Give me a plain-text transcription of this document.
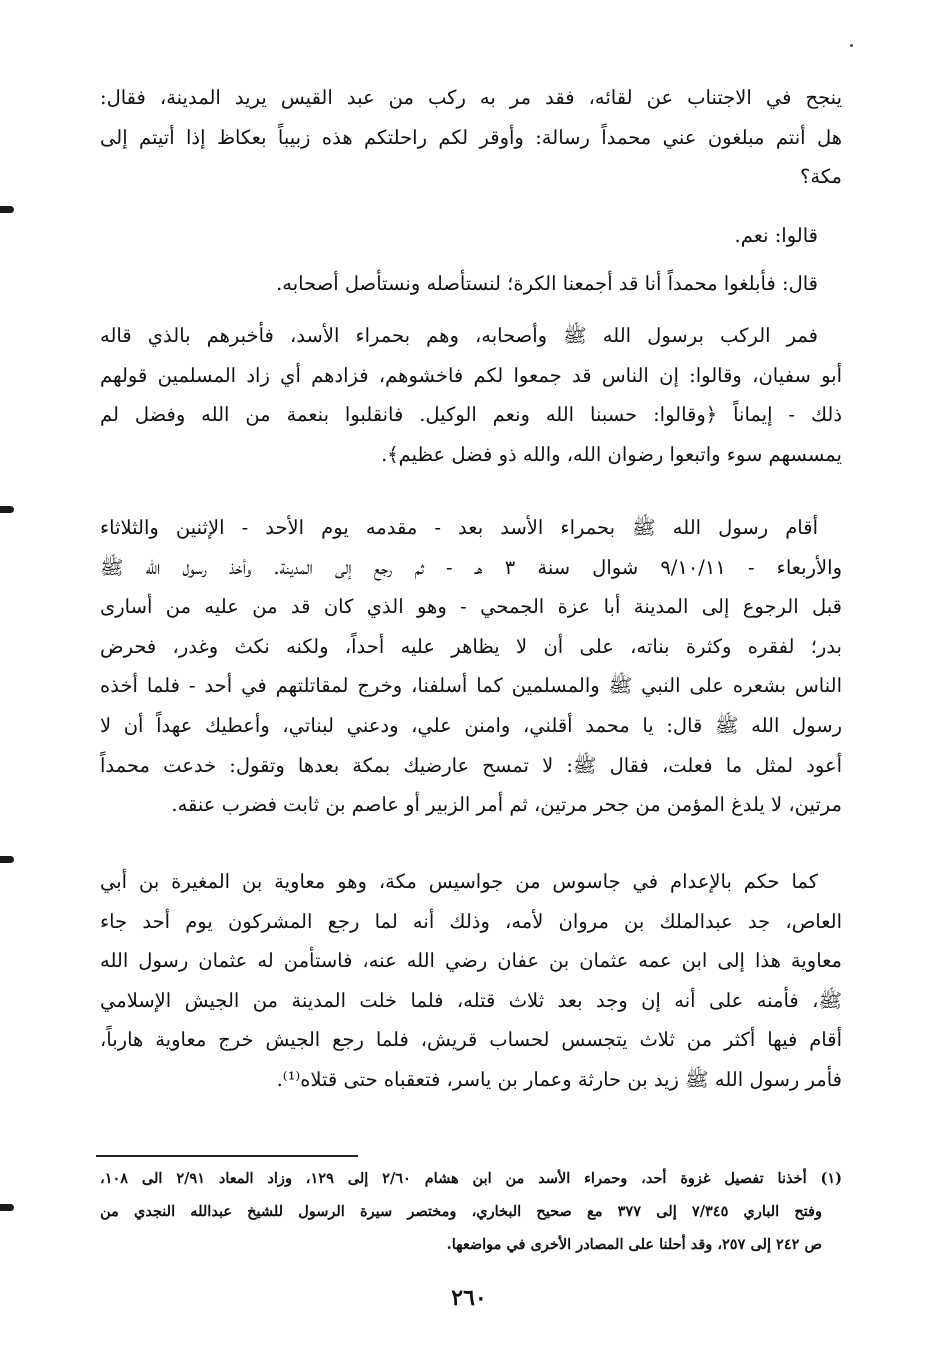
ينجح في الاجتناب عن لقائه، فقد مر به ركب من عبد القيس يريد المدينة، فقال:
هل أنتم مبلغون عني محمداً رسالة: وأوقر لكم راحلتكم هذه زبيباً بعكاظ إذا أتيتم إلى
مكة؟
قالوا: نعم.
قال: فأبلغوا محمداً أنا قد أجمعنا الكرة؛ لنستأصله ونستأصل أصحابه.
فمر الركب برسول الله ﷺ وأصحابه، وهم بحمراء الأسد، فأخبرهم بالذي قاله
أبو سفيان، وقالوا: إن الناس قد جمعوا لكم فاخشوهم، فزادهم أي زاد المسلمين قولهم
ذلك - إيماناً ﴿وقالوا: حسبنا الله ونعم الوكيل. فانقلبوا بنعمة من الله وفضل لم
يمسسهم سوء واتبعوا رضوان الله، والله ذو فضل عظيم﴾.
أقام رسول الله ﷺ بحمراء الأسد بعد - مقدمه يوم الأحد - الإثنين والثلاثاء
والأربعاء - ٩/١٠/١١ شوال سنة ٣ هـ - ثم رجع إلى المدينة. وأخذ رسول الله ﷺ
قبل الرجوع إلى المدينة أبا عزة الجمحي - وهو الذي كان قد من عليه من أسارى
بدر؛ لفقره وكثرة بناته، على أن لا يظاهر عليه أحداً، ولكنه نكث وغدر، فحرض
الناس بشعره على النبي ﷺ والمسلمين كما أسلفنا، وخرج لمقاتلتهم في أحد - فلما أخذه
رسول الله ﷺ قال: يا محمد أقلني، وامنن علي، ودعني لبناتي، وأعطيك عهداً أن لا
أعود لمثل ما فعلت، فقال ﷺ: لا تمسح عارضيك بمكة بعدها وتقول: خدعت محمداً
مرتين، لا يلدغ المؤمن من جحر مرتين، ثم أمر الزبير أو عاصم بن ثابت فضرب عنقه.
كما حكم بالإعدام في جاسوس من جواسيس مكة، وهو معاوية بن المغيرة بن أبي
العاص، جد عبدالملك بن مروان لأمه، وذلك أنه لما رجع المشركون يوم أحد جاء
معاوية هذا إلى ابن عمه عثمان بن عفان رضي الله عنه، فاستأمن له عثمان رسول الله
ﷺ، فأمنه على أنه إن وجد بعد ثلاث قتله، فلما خلت المدينة من الجيش الإسلامي
أقام فيها أكثر من ثلاث يتجسس لحساب قريش، فلما رجع الجيش خرج معاوية هارباً،
فأمر رسول الله ﷺ زيد بن حارثة وعمار بن ياسر، فتعقباه حتى قتلاه⁽¹⁾.
(١) أخذنا تفصيل غزوة أحد، وحمراء الأسد من ابن هشام ٢/٦٠ إلى ١٢٩، وزاد المعاد ٢/٩١ الى ١٠٨،
وفتح الباري ٧/٣٤٥ إلى ٣٧٧ مع صحيح البخاري، ومختصر سيرة الرسول للشيخ عبدالله النجدي من
ص ٢٤٢ إلى ٢٥٧، وقد أحلنا على المصادر الأخرى في مواضعها.
٢٦٠
